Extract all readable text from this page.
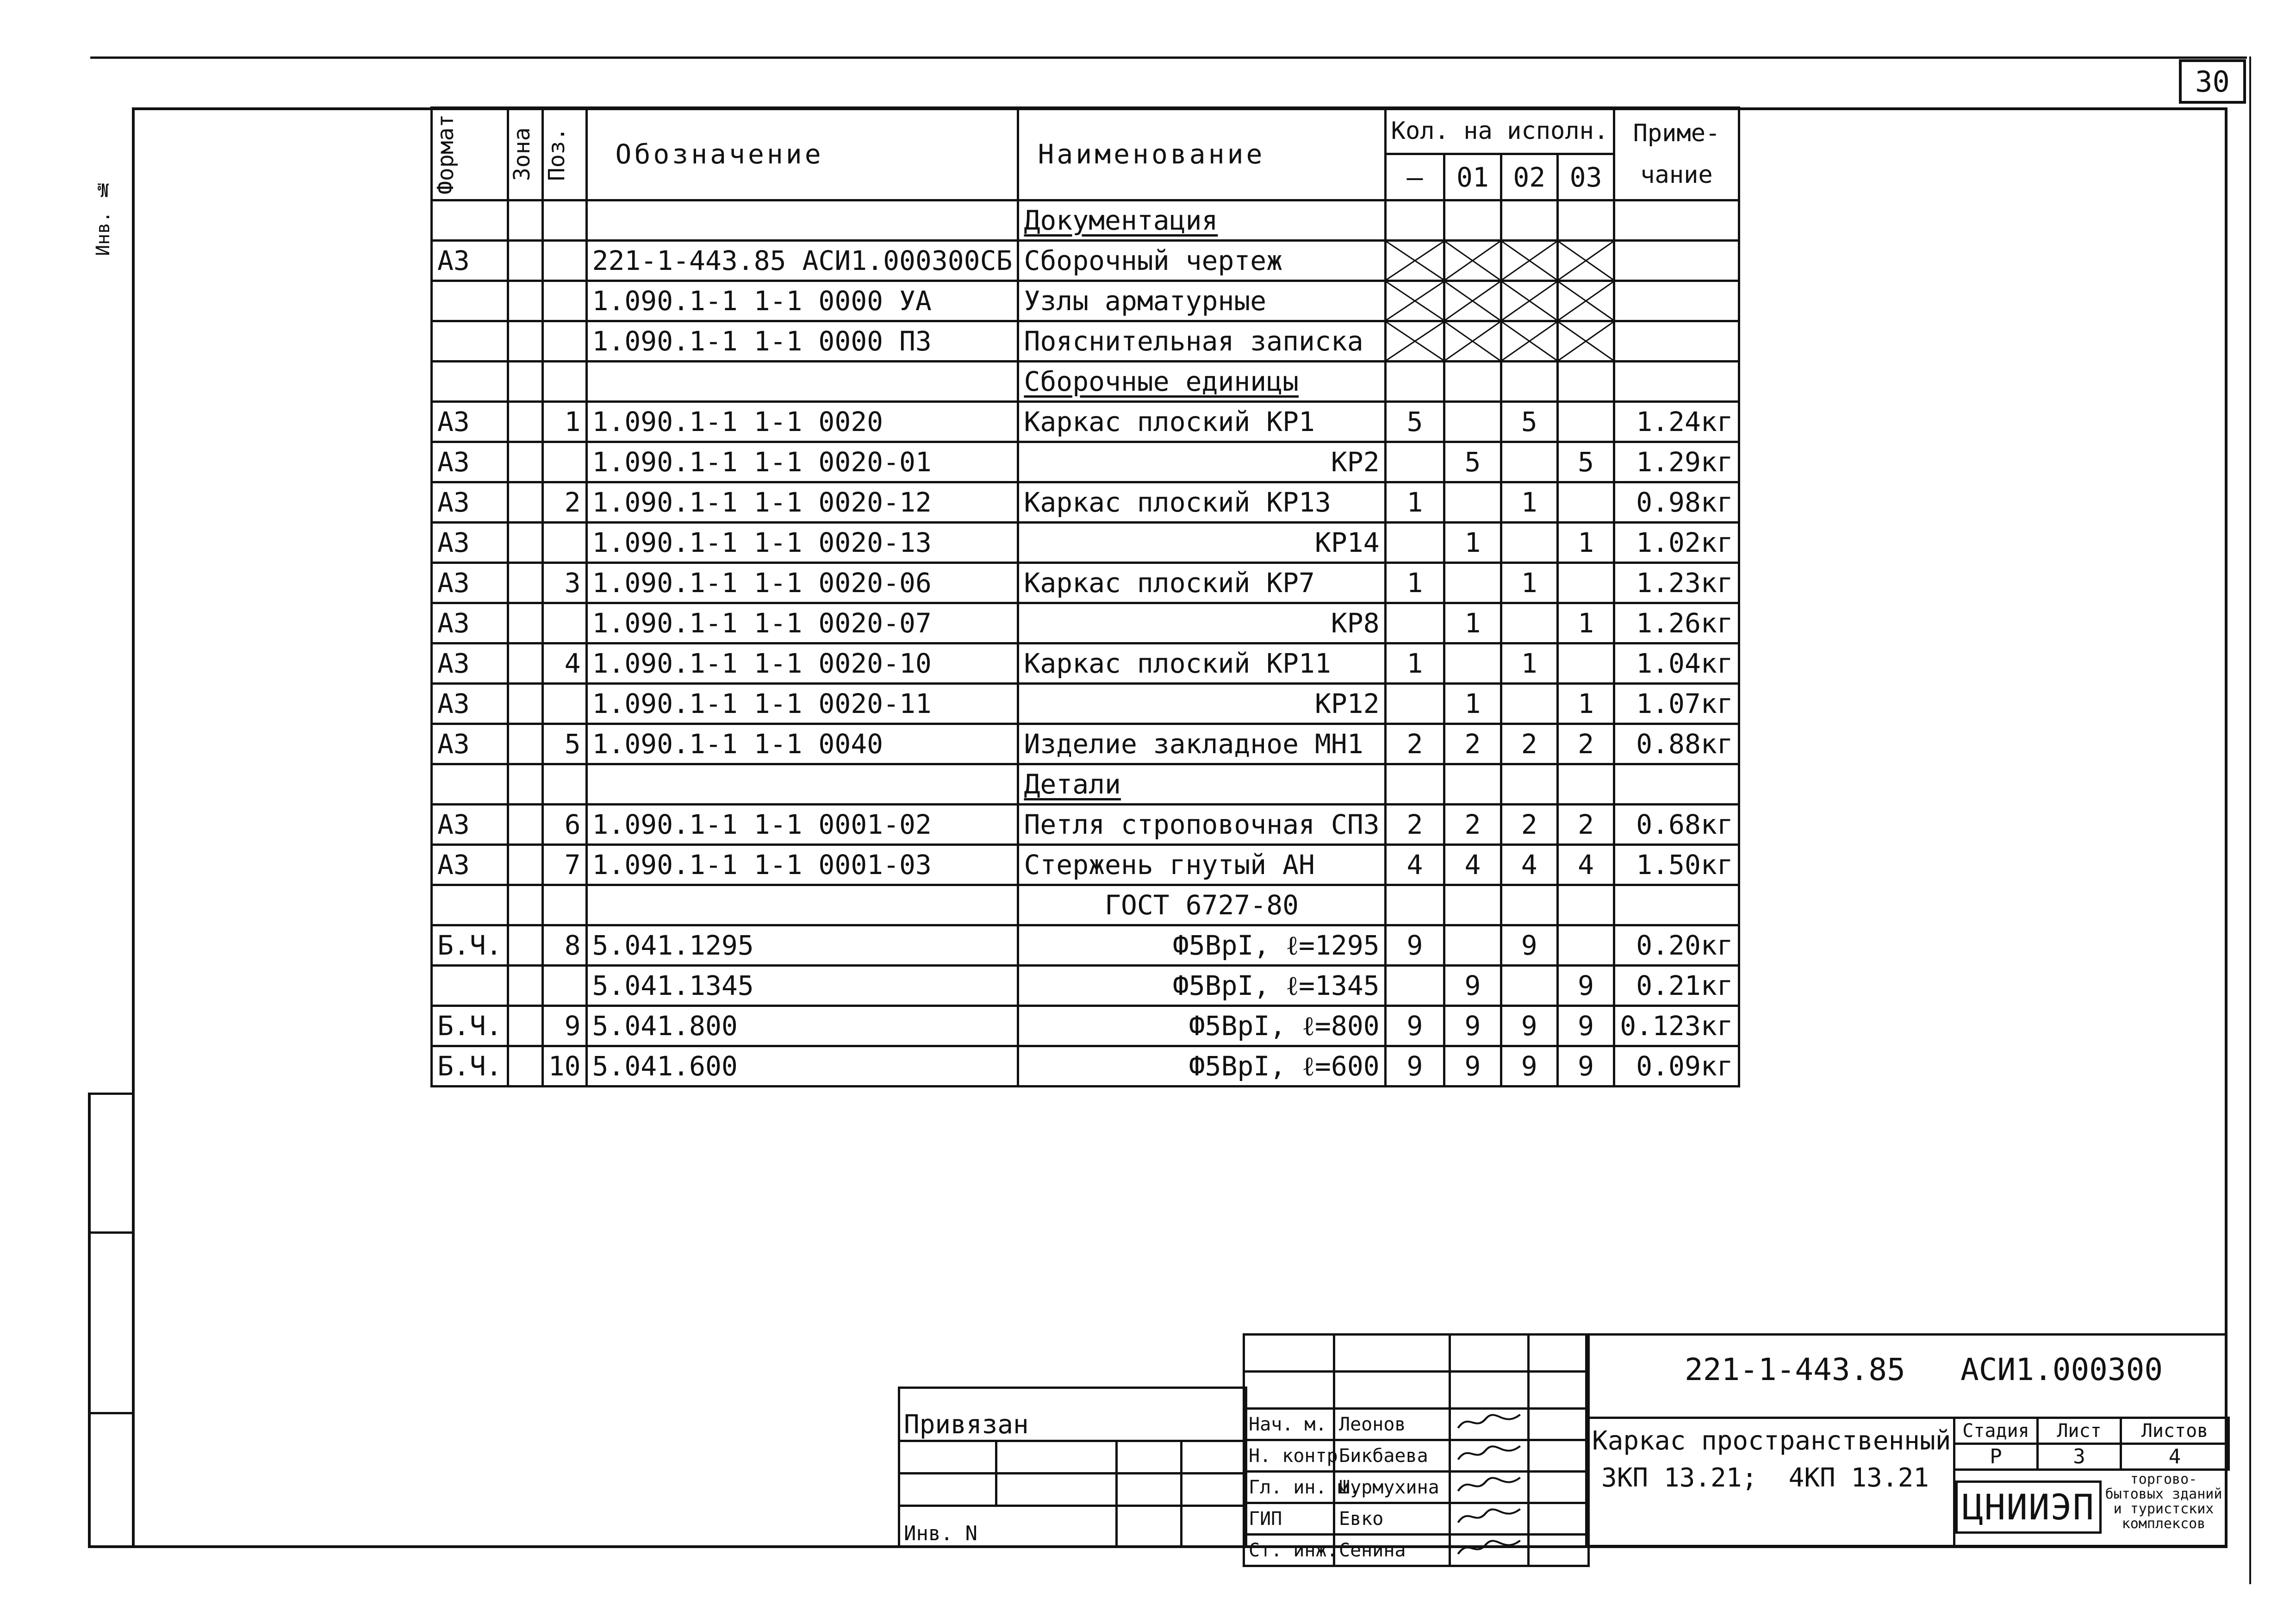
30
Инв. №
Формат	Зона	Поз.	Обозначение	Наименование	Кол. на исполн.				Приме-чание
					—	01	02	03	
				Документация					
А3			221-1-443.85 АСИ1.000300СБ	Сборочный чертеж	

			1.090.1-1 1-1 0000 УА	Узлы арматурные	

			1.090.1-1 1-1 0000 ПЗ	Пояснительная записка	

				Сборочные единицы					
А3		1	1.090.1-1 1-1 0020	Каркас плоский КР1	5		5		1.24кг
А3			1.090.1-1 1-1 0020-01	КР2		5		5	1.29кг
А3		2	1.090.1-1 1-1 0020-12	Каркас плоский КР13	1		1		0.98кг
А3			1.090.1-1 1-1 0020-13	КР14		1		1	1.02кг
А3		3	1.090.1-1 1-1 0020-06	Каркас плоский КР7	1		1		1.23кг
А3			1.090.1-1 1-1 0020-07	КР8		1		1	1.26кг
А3		4	1.090.1-1 1-1 0020-10	Каркас плоский КР11	1		1		1.04кг
А3			1.090.1-1 1-1 0020-11	КР12		1		1	1.07кг
А3		5	1.090.1-1 1-1 0040	Изделие закладное МН1	2	2	2	2	0.88кг
				Детали					
А3		6	1.090.1-1 1-1 0001-02	Петля строповочная СП3	2	2	2	2	0.68кг
А3		7	1.090.1-1 1-1 0001-03	Стержень гнутый АН	4	4	4	4	1.50кг
				ГОСТ 6727-80					
Б.Ч.		8	5.041.1295	Ф5ВрI, ℓ=1295	9		9		0.20кг
			5.041.1345	Ф5ВрI, ℓ=1345		9		9	0.21кг
Б.Ч.		9	5.041.800	Ф5ВрI, ℓ=800	9	9	9	9	0.123кг
Б.Ч.		10	5.041.600	Ф5ВрI, ℓ=600	9	9	9	9	0.09кг
Привязан			

Инв. N			

Нач. м.	Леонов		
Н. контр	Бикбаева		
Гл. ин. м.	Шурмухина		
ГИП	Евко		
Ст. инж.	Сенина		
221-1-443.85   АСИ1.000300
Каркас пространственный
3КП 13.21;  4КП 13.21
Стадия	Лист	Листов
Р	3	4
ЦНИИЭП
торгово-бытовых зданий и туристских комплексов
